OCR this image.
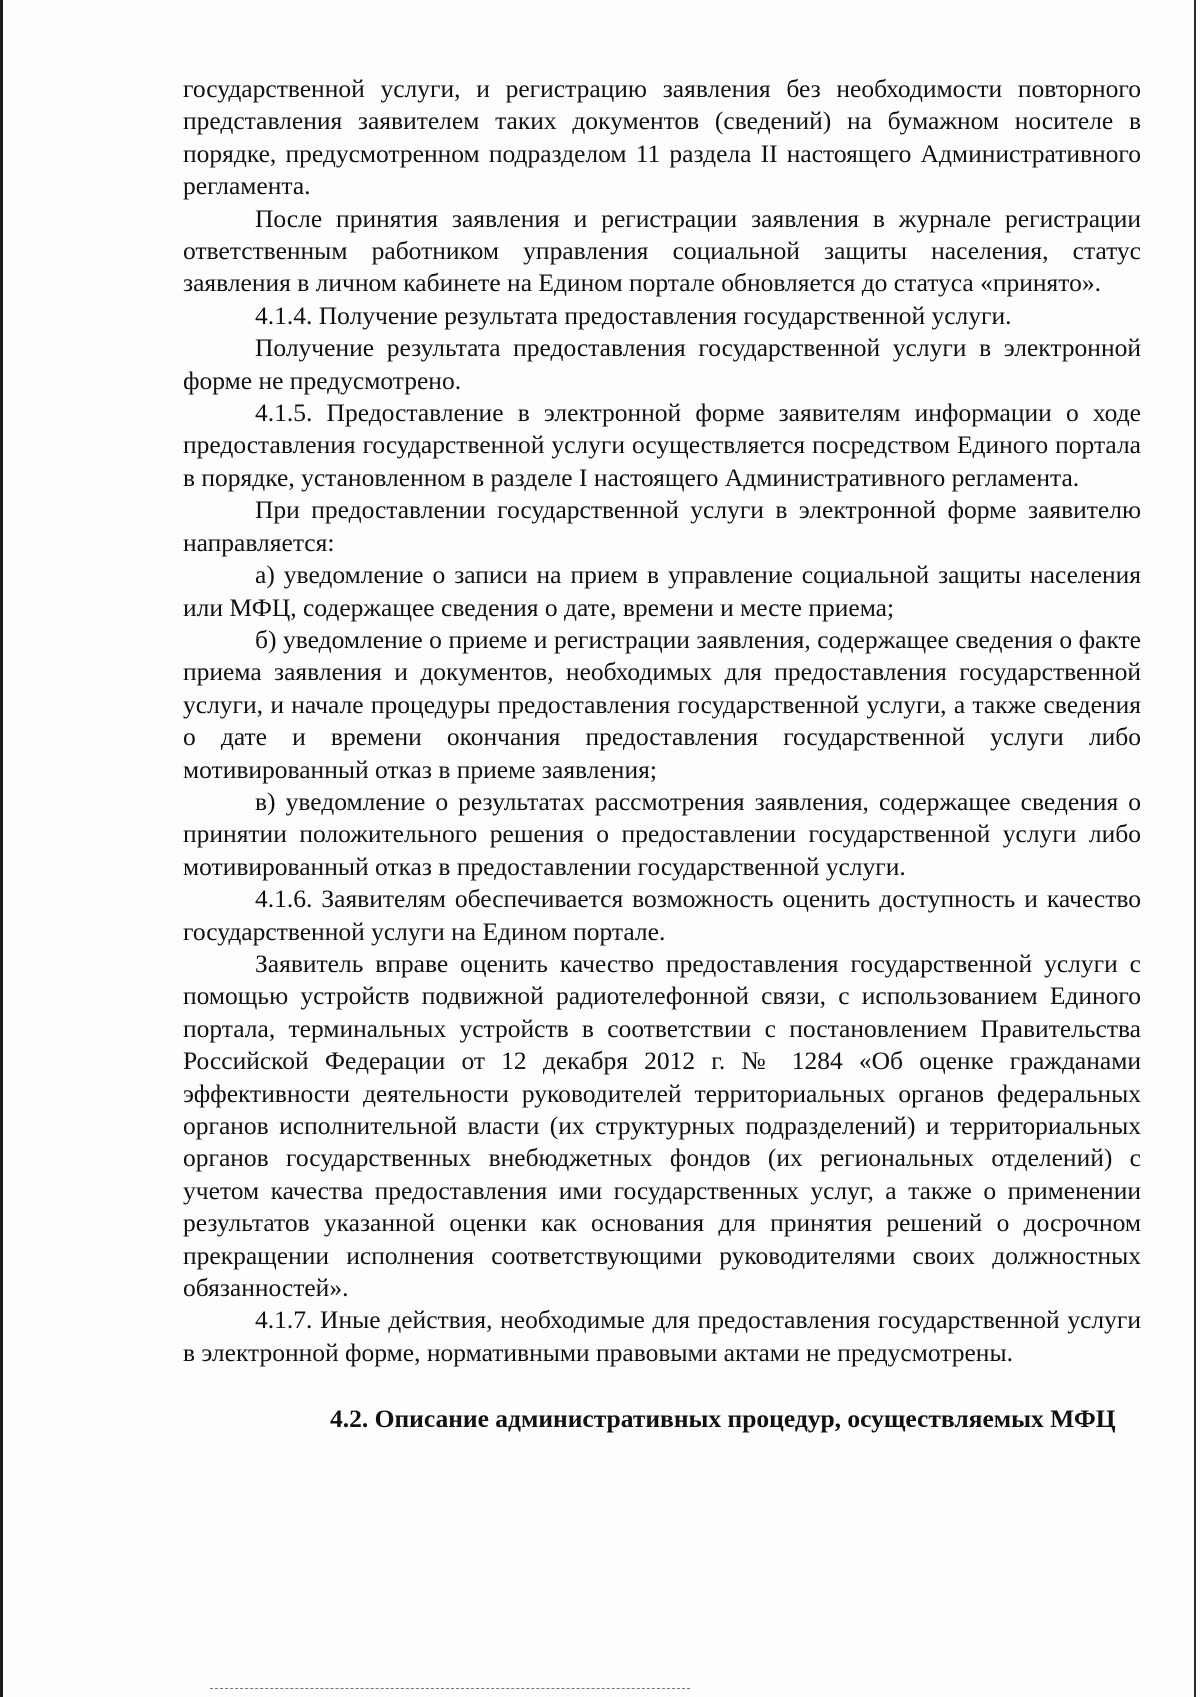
государственной услуги, и регистрацию заявления без необходимости повторного представления заявителем таких документов (сведений) на бумажном носителе в порядке, предусмотренном подразделом 11 раздела II настоящего Административного регламента.

После принятия заявления и регистрации заявления в журнале регистрации ответственным работником управления социальной защиты населения, статус заявления в личном кабинете на Едином портале обновляется до статуса «принято».

4.1.4. Получение результата предоставления государственной услуги.

Получение результата предоставления государственной услуги в электронной форме не предусмотрено.

4.1.5. Предоставление в электронной форме заявителям информации о ходе предоставления государственной услуги осуществляется посредством Единого портала в порядке, установленном в разделе I настоящего Административного регламента.

При предоставлении государственной услуги в электронной форме заявителю направляется:

а) уведомление о записи на прием в управление социальной защиты населения или МФЦ, содержащее сведения о дате, времени и месте приема;

б) уведомление о приеме и регистрации заявления, содержащее сведения о факте приема заявления и документов, необходимых для предоставления государственной услуги, и начале процедуры предоставления государственной услуги, а также сведения о дате и времени окончания предоставления государственной услуги либо мотивированный отказ в приеме заявления;

в) уведомление о результатах рассмотрения заявления, содержащее сведения о принятии положительного решения о предоставлении государственной услуги либо мотивированный отказ в предоставлении государственной услуги.

4.1.6. Заявителям обеспечивается возможность оценить доступность и качество государственной услуги на Едином портале.

Заявитель вправе оценить качество предоставления государственной услуги с помощью устройств подвижной радиотелефонной связи, с использованием Единого портала, терминальных устройств в соответствии с постановлением Правительства Российской Федерации от 12 декабря 2012 г. № 1284 «Об оценке гражданами эффективности деятельности руководителей территориальных органов федеральных органов исполнительной власти (их структурных подразделений) и территориальных органов государственных внебюджетных фондов (их региональных отделений) с учетом качества предоставления ими государственных услуг, а также о применении результатов указанной оценки как основания для принятия решений о досрочном прекращении исполнения соответствующими руководителями своих должностных обязанностей».

4.1.7. Иные действия, необходимые для предоставления государственной услуги в электронной форме, нормативными правовыми актами не предусмотрены.

4.2. Описание административных процедур, осуществляемых МФЦ
